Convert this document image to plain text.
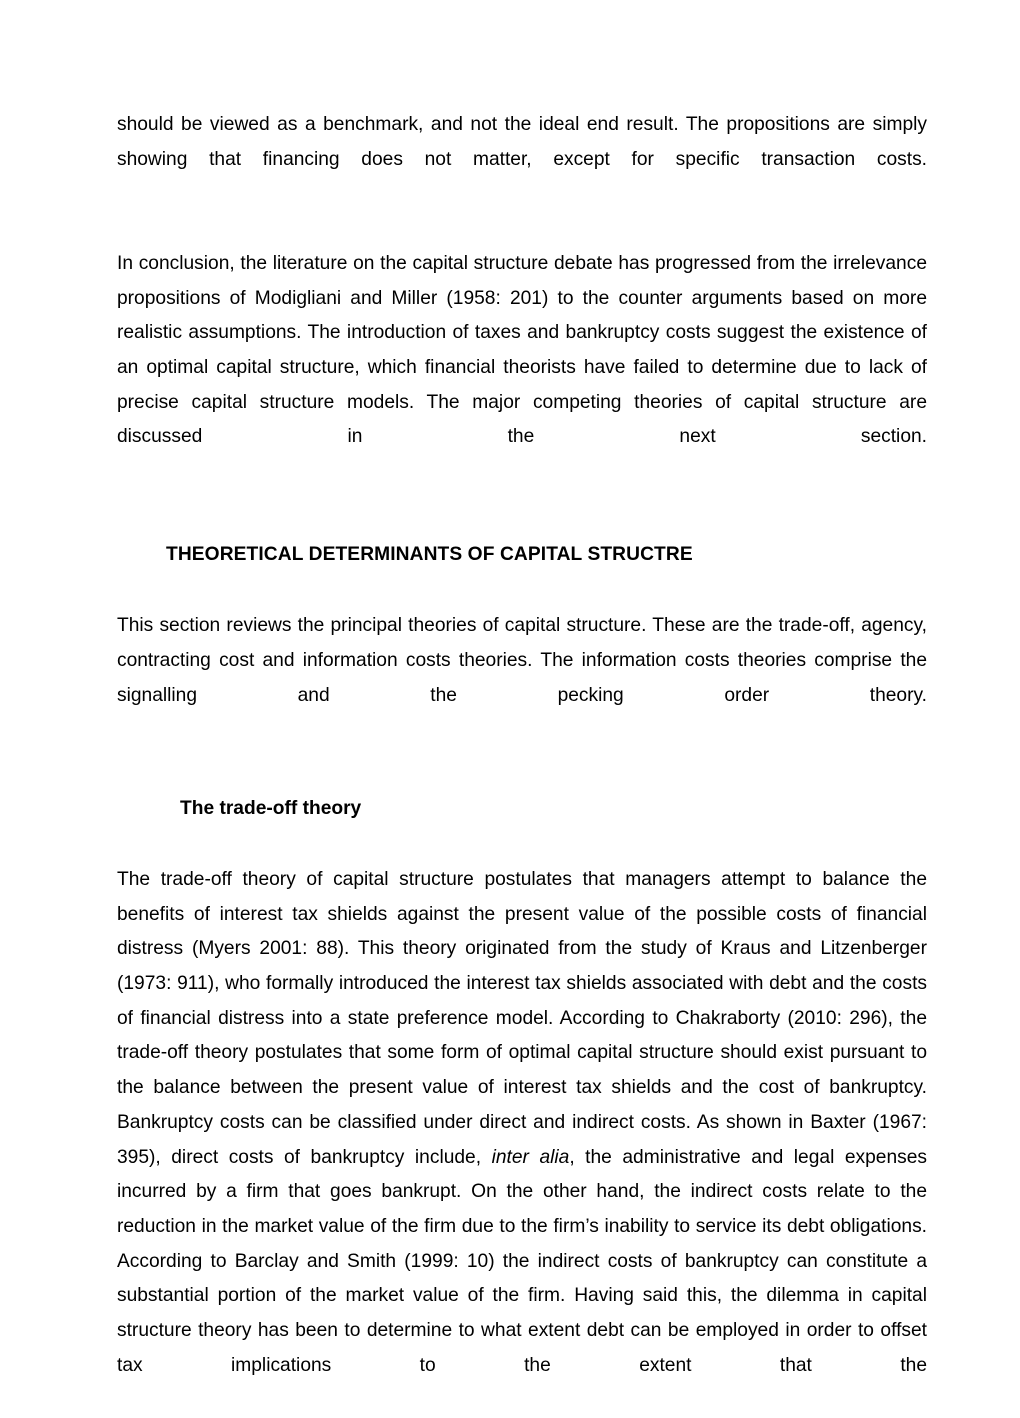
should be viewed as a benchmark, and not the ideal end result. The propositions are simply showing that financing does not matter, except for specific transaction costs.

In conclusion, the literature on the capital structure debate has progressed from the irrelevance propositions of Modigliani and Miller (1958: 201) to the counter arguments based on more realistic assumptions. The introduction of taxes and bankruptcy costs suggest the existence of an optimal capital structure, which financial theorists have failed to determine due to lack of precise capital structure models. The major competing theories of capital structure are discussed in the next section.

THEORETICAL DETERMINANTS OF CAPITAL STRUCTRE

This section reviews the principal theories of capital structure. These are the trade-off, agency, contracting cost and information costs theories. The information costs theories comprise the signalling and the pecking order theory.

The trade-off theory

The trade-off theory of capital structure postulates that managers attempt to balance the benefits of interest tax shields against the present value of the possible costs of financial distress (Myers 2001: 88). This theory originated from the study of Kraus and Litzenberger (1973: 911), who formally introduced the interest tax shields associated with debt and the costs of financial distress into a state preference model. According to Chakraborty (2010: 296), the trade-off theory postulates that some form of optimal capital structure should exist pursuant to the balance between the present value of interest tax shields and the cost of bankruptcy. Bankruptcy costs can be classified under direct and indirect costs. As shown in Baxter (1967: 395), direct costs of bankruptcy include, inter alia, the administrative and legal expenses incurred by a firm that goes bankrupt. On the other hand, the indirect costs relate to the reduction in the market value of the firm due to the firm’s inability to service its debt obligations. According to Barclay and Smith (1999: 10) the indirect costs of bankruptcy can constitute a substantial portion of the market value of the firm. Having said this, the dilemma in capital structure theory has been to determine to what extent debt can be employed in order to offset tax implications to the extent that the
